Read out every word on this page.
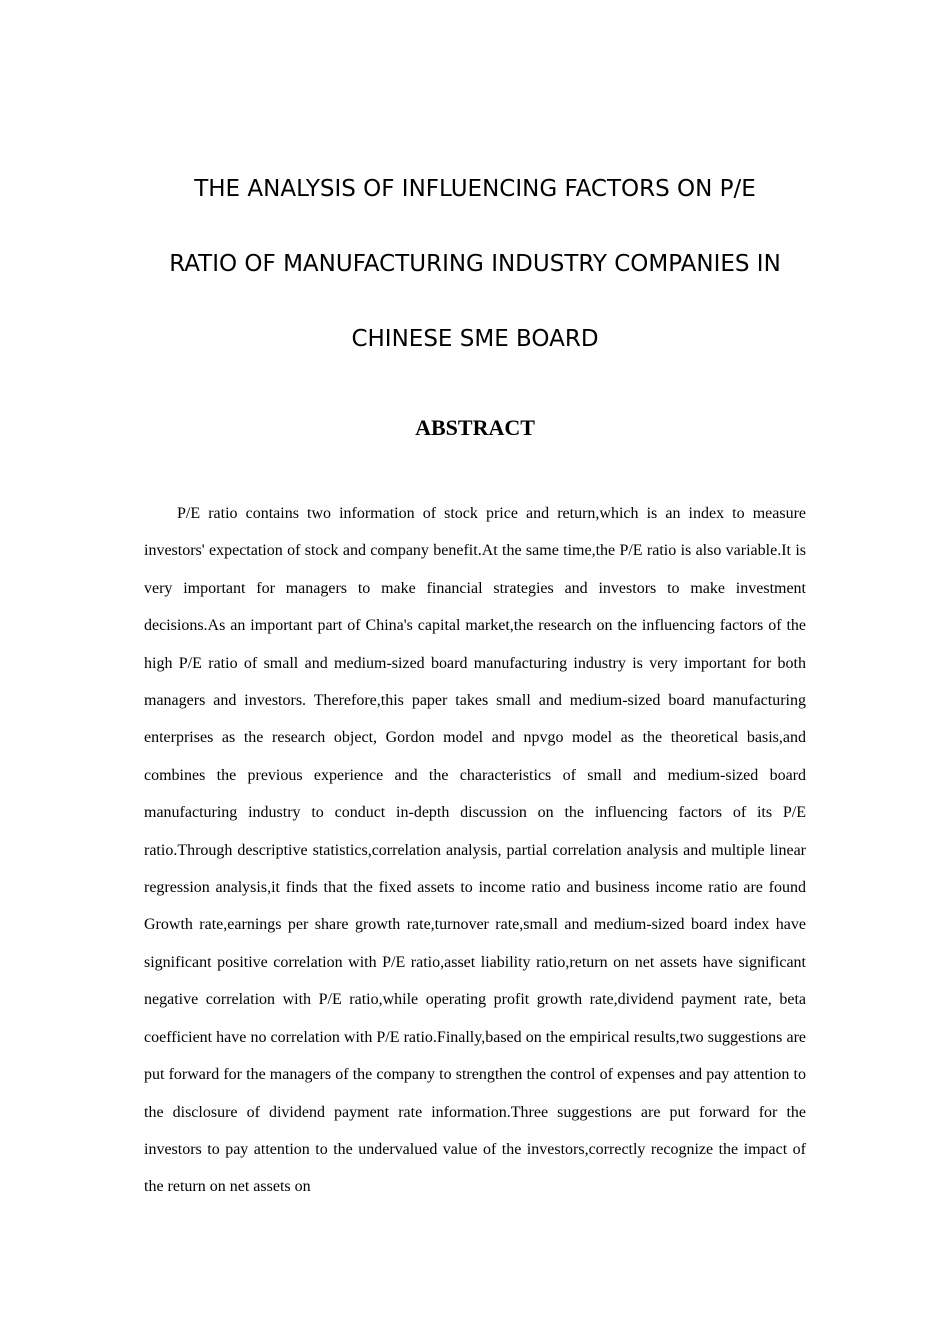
THE ANALYSIS OF INFLUENCING FACTORS ON P/E
RATIO OF MANUFACTURING INDUSTRY COMPANIES IN
CHINESE SME BOARD
ABSTRACT

P/E ratio contains two information of stock price and return,which is an index to measure investors' expectation of stock and company benefit.At the same time,the P/E ratio is also variable.It is very important for managers to make financial strategies and investors to make investment decisions.As an important part of China's capital market,the research on the influencing factors of the high P/E ratio of small and medium-sized board manufacturing industry is very important for both managers and investors. Therefore,this paper takes small and medium-sized board manufacturing enterprises as the research object, Gordon model and npvgo model as the theoretical basis,and combines the previous experience and the characteristics of small and medium-sized board manufacturing industry to conduct in-depth discussion on the influencing factors of its P/E ratio.Through descriptive statistics,correlation analysis, partial correlation analysis and multiple linear regression analysis,it finds that the fixed assets to income ratio and business income ratio are found Growth rate,earnings per share growth rate,turnover rate,small and medium-sized board index have significant positive correlation with P/E ratio,asset liability ratio,return on net assets have significant negative correlation with P/E ratio,while operating profit growth rate,dividend payment rate, beta coefficient have no correlation with P/E ratio.Finally,based on the empirical results,two suggestions are put forward for the managers of the company to strengthen the control of expenses and pay attention to the disclosure of dividend payment rate information.Three suggestions are put forward for the investors to pay attention to the undervalued value of the investors,correctly recognize the impact of the return on net assets on
